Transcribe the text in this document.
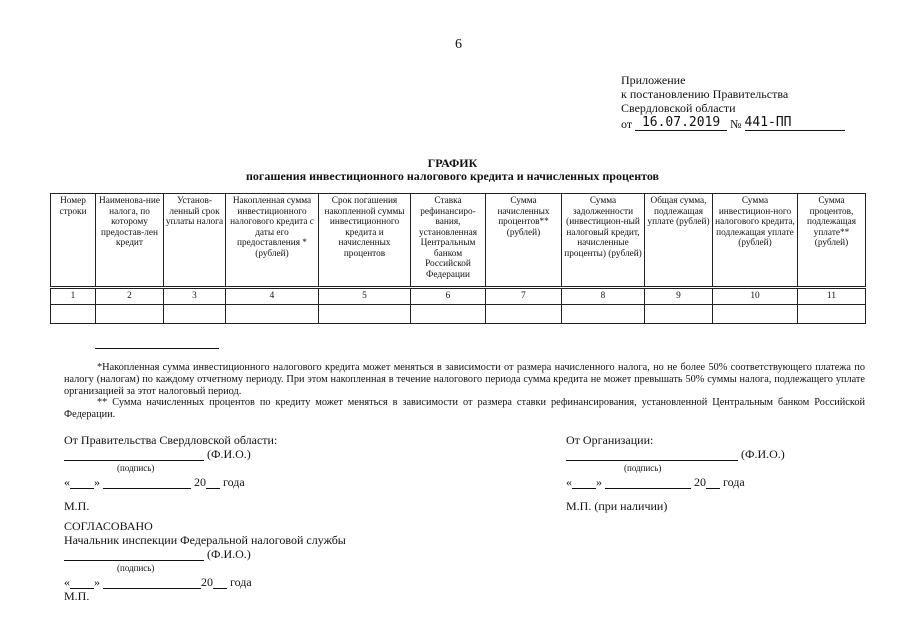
6
Приложение
к постановлению Правительства
Свердловской области
от 16.07.2019 № 441-ПП
ГРАФИК
погашения инвестиционного налогового кредита и начисленных процентов
Номер строки	Наименова-ние налога, по которому предостав-лен кредит	Установ-ленный срок уплаты налога	Накопленная сумма инвестиционного налогового кредита с даты его предоставления * (рублей)	Срок погашения накопленной суммы инвестиционного кредита и начисленных процентов	Ставка рефинансиро-вания, установленная Центральным банком Российской Федерации	Сумма начисленных процентов** (рублей)	Сумма задолженности (инвестицион-ный налоговый кредит, начисленные проценты) (рублей)	Общая сумма, подлежащая уплате (рублей)	Сумма инвестицион-ного налогового кредита, подлежащая уплате (рублей)	Сумма процентов, подлежащая уплате** (рублей)
1	2	3	4	5	6	7	8	9	10	11

*Накопленная сумма инвестиционного налогового кредита может меняться в зависимости от размера начисленного налога, но не более 50% соответствующего платежа по налогу (налогам) по каждому отчетному периоду. При этом накопленная в течение налогового периода сумма кредита не может превышать 50% суммы налога, подлежащего уплате организацией за этот налоговый период.

** Сумма начисленных процентов по кредиту может меняться в зависимости от размера ставки рефинансирования, установленной Центральным банком Российской Федерации.

От Правительства Свердловской области:
(Ф.И.О.)
(подпись)
« »	20 года
М.П.
От Организации:
(Ф.И.О.)
(подпись)
« »	20 года
М.П. (при наличии)
СОГЛАСОВАНО
Начальник инспекции Федеральной налоговой службы
(Ф.И.О.)
(подпись)
« »	20 года
М.П.
